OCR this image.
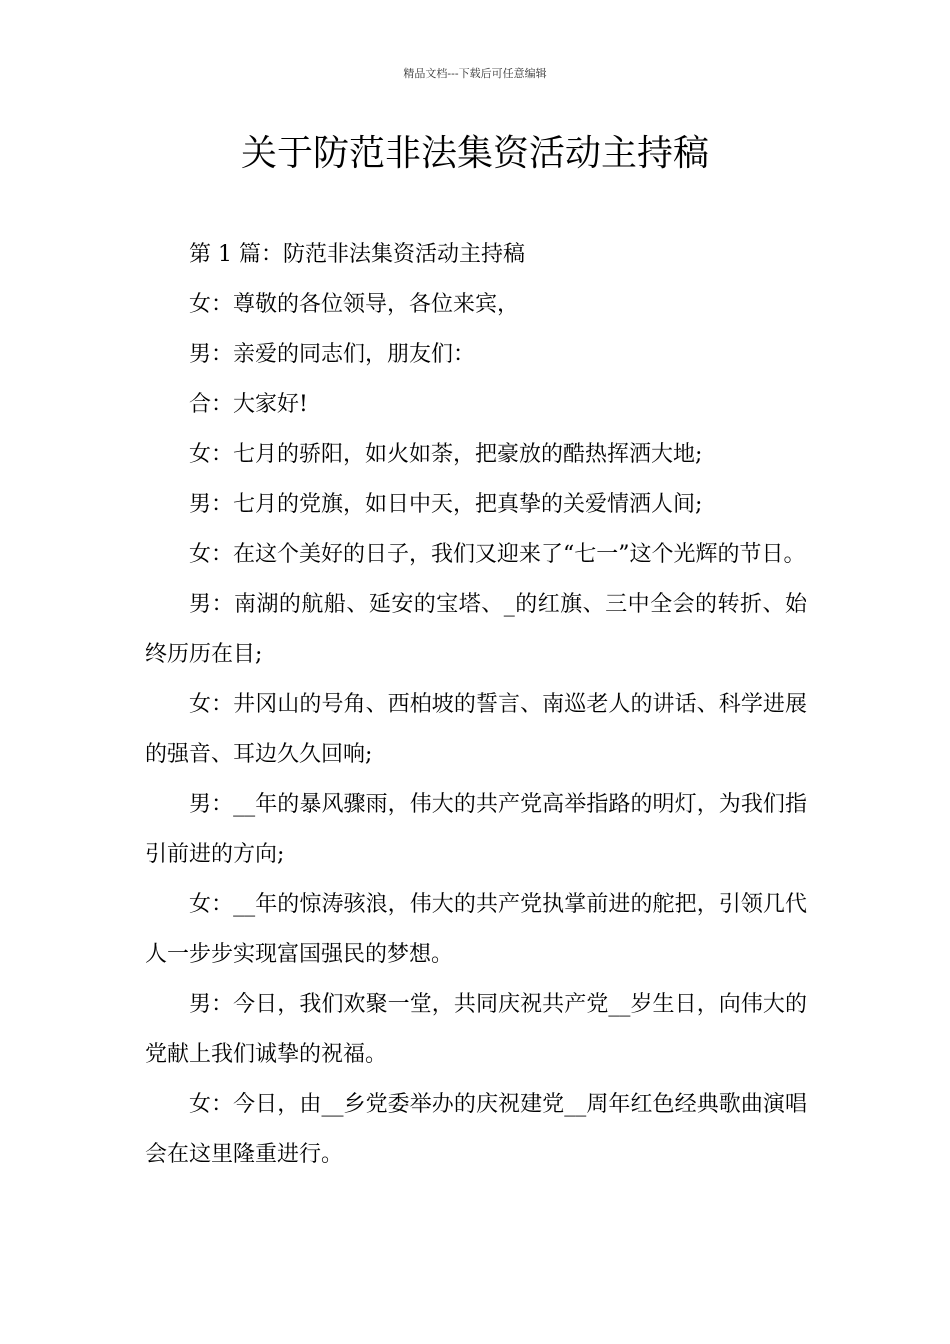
精品文档---下载后可任意编辑
关于防范非法集资活动主持稿

第 1 篇：防范非法集资活动主持稿

女：尊敬的各位领导，各位来宾，

男：亲爱的同志们，朋友们：

合：大家好!

女：七月的骄阳，如火如荼，把豪放的酷热挥洒大地;

男：七月的党旗，如日中天，把真挚的关爱情洒人间;

女：在这个美好的日子，我们又迎来了“七一”这个光辉的节日。

男：南湖的航船、延安的宝塔、_的红旗、三中全会的转折、始终历历在目;

女：井冈山的号角、西柏坡的誓言、南巡老人的讲话、科学进展的强音、耳边久久回响;

男：__年的暴风骤雨，伟大的共产党高举指路的明灯，为我们指引前进的方向;

女：__年的惊涛骇浪，伟大的共产党执掌前进的舵把，引领几代人一步步实现富国强民的梦想。

男：今日，我们欢聚一堂，共同庆祝共产党__岁生日，向伟大的党献上我们诚挚的祝福。

女：今日，由__乡党委举办的庆祝建党__周年红色经典歌曲演唱会在这里隆重进行。
